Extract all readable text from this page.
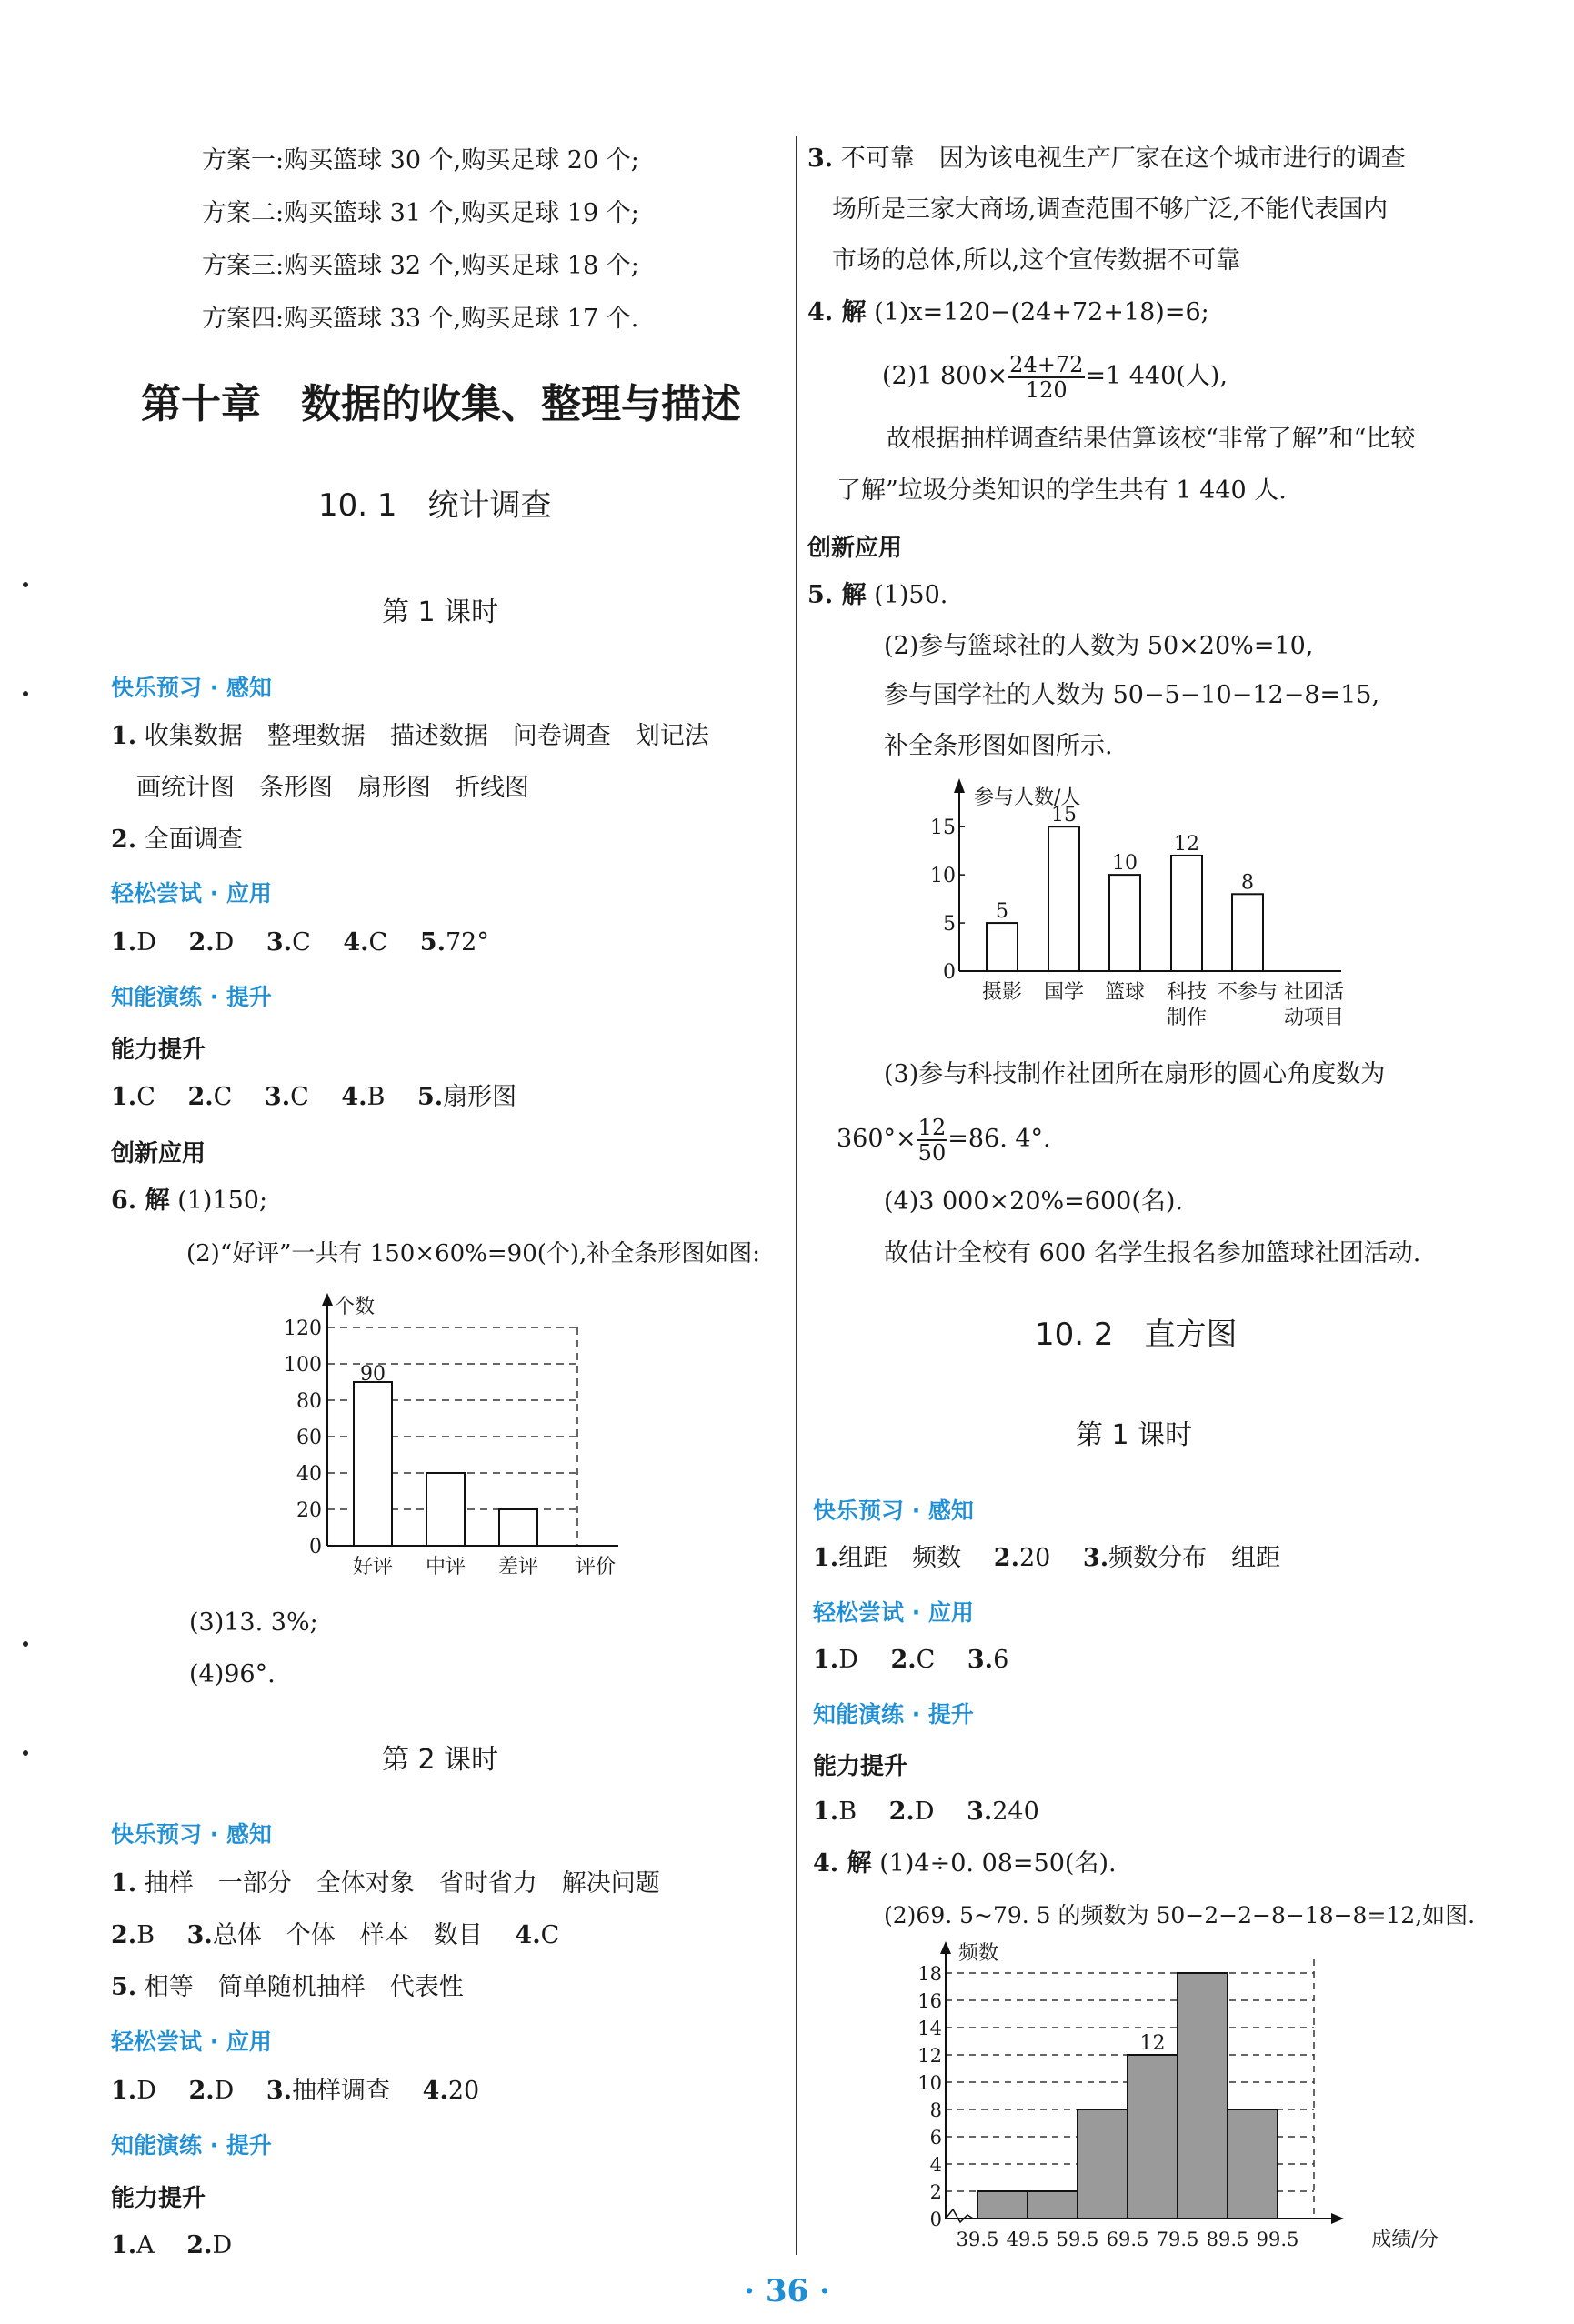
方案一:购买篮球 30 个,购买足球 20 个;
方案二:购买篮球 31 个,购买足球 19 个;
方案三:购买篮球 32 个,购买足球 18 个;
方案四:购买篮球 33 个,购买足球 17 个.
第十章　数据的收集、整理与描述
10. 1　统计调查
第 1 课时
快乐预习 · 感知
1. 收集数据　整理数据　描述数据　问卷调查　划记法
画统计图　条形图　扇形图　折线图
2. 全面调查
轻松尝试 · 应用
1.D　 2.D　 3.C　 4.C　 5.72°
知能演练 · 提升
能力提升
1.C　 2.C　 3.C　 4.B　 5.扇形图
创新应用
6. 解 (1)150;
(2)“好评”一共有 150×60%=90(个),补全条形图如图:
0
20
40
60
80
100
120
个数
好评
90
中评 差评 评价
(3)13. 3%;
(4)96°.
第 2 课时
快乐预习 · 感知
1. 抽样　一部分　全体对象　省时省力　解决问题
2.B　 3.总体　个体　样本　数目　 4.C
5. 相等　简单随机抽样　代表性
轻松尝试 · 应用
1.D　 2.D　 3.抽样调查　 4.20
知能演练 · 提升
能力提升
1.A　 2.D
3. 不可靠　因为该电视生产厂家在这个城市进行的调查
场所是三家大商场,调查范围不够广泛,不能代表国内
市场的总体,所以,这个宣传数据不可靠
4. 解 (1)x=120−(24+72+18)=6;
(2)1 $800\times \frac{24+72}{120} =1$ 440(人),
故根据抽样调查结果估算该校“非常了解”和“比较
了解”垃圾分类知识的学生共有 1 440 人.
创新应用
5. 解 (1)50.
(2)参与篮球社的人数为 50×20%=10,
参与国学社的人数为 50−5−10−12−8=15,
补全条形图如图所示.
0
5
10
15
参与人数/人
5
摄影
15
国学
10
篮球
12
科技
制作
8
不参与 社团活
动项目
(3)参与科技制作社团所在扇形的圆心角度数为
$360^\circ\times \frac{12}{50} =86$. 4°.
(4)3 000×20%=600(名).
故估计全校有 600 名学生报名参加篮球社团活动.
10. 2　直方图
第 1 课时
快乐预习 · 感知
1.组距　频数　 2.20　 3.频数分布　组距
轻松尝试 · 应用
1.D　 2.C　 3.6
知能演练 · 提升
能力提升
1.B　 2.D　 3.240
4. 解 (1)4÷0. 08=50(名).
(2)69. 5~79. 5 的频数为 50−2−2−8−18−8=12,如图.
0
2
4
6
8
10
12
14
16
18
频数
12
39.5 49.5 59.5 69.5 79.5 89.5 99.5	成绩/分
· 36 ·
